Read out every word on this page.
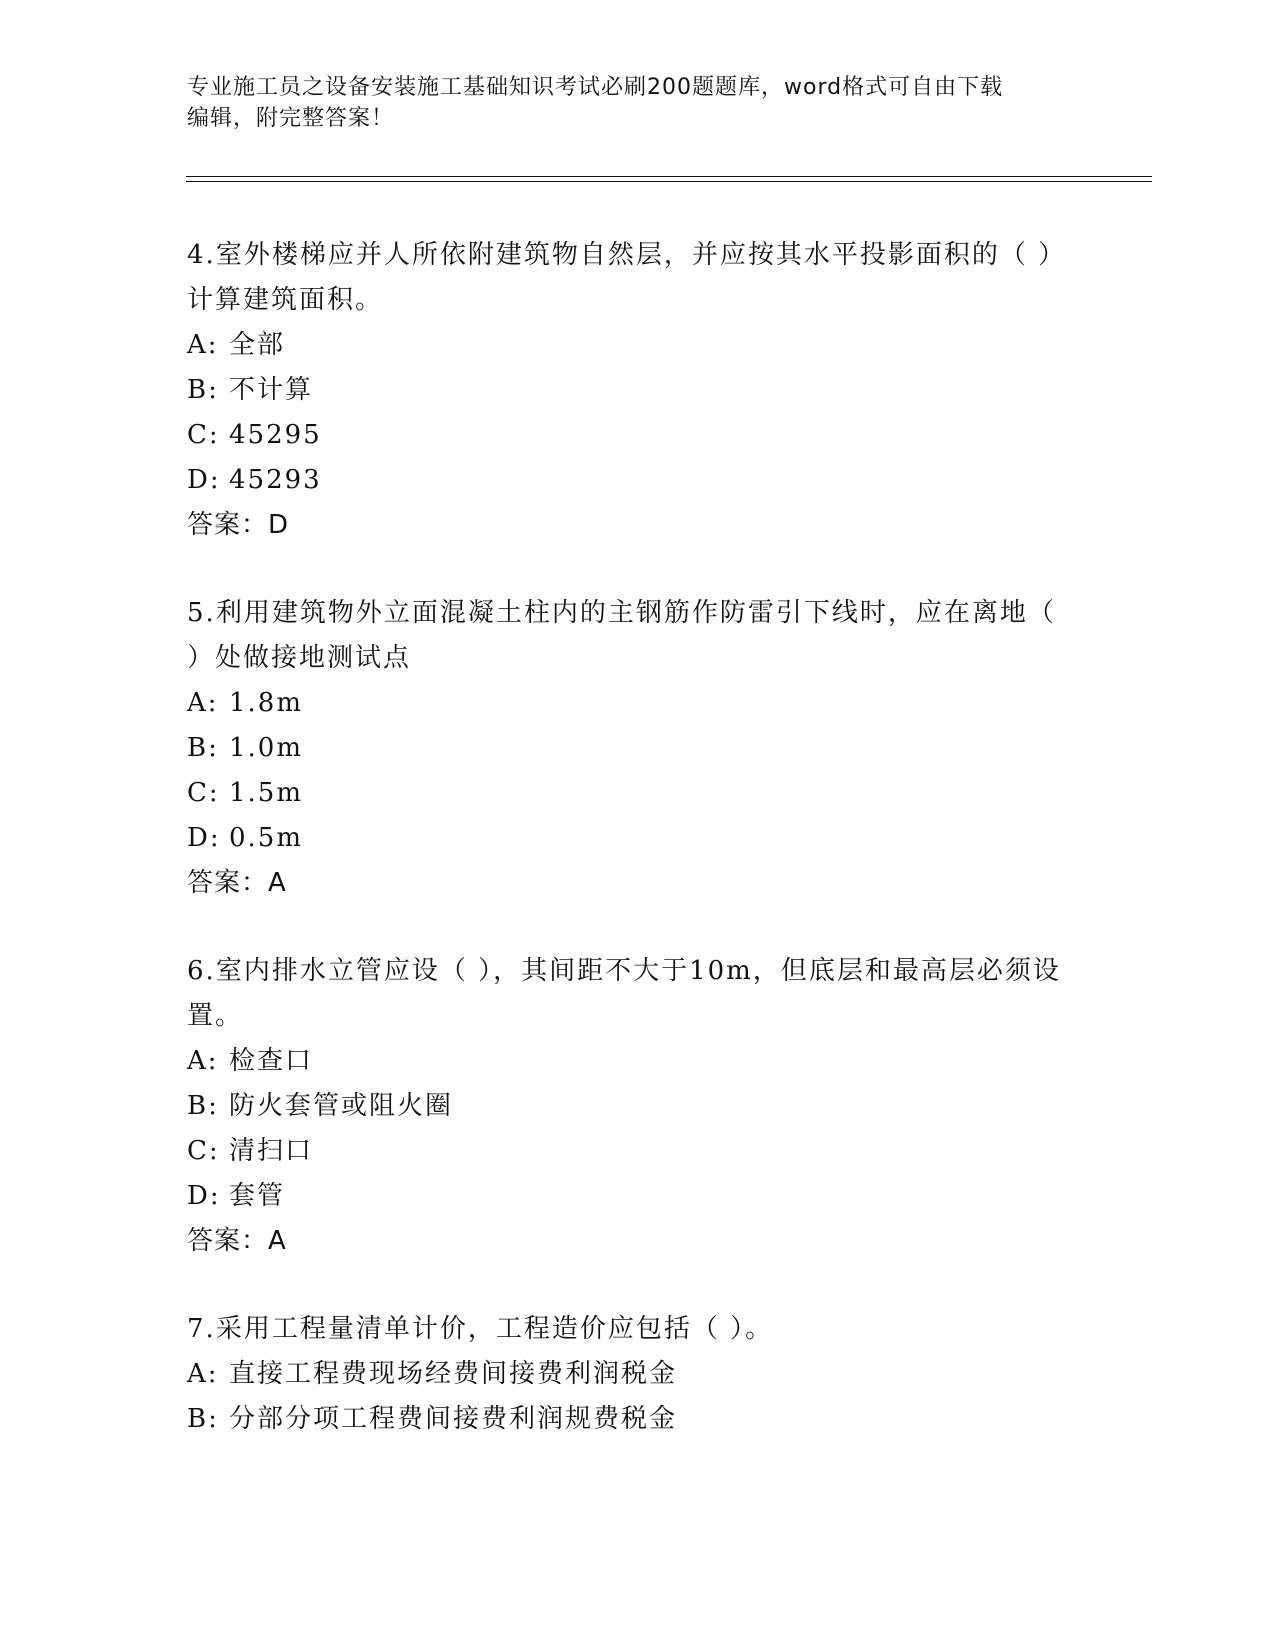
专业施工员之设备安装施工基础知识考试必刷200题题库，word格式可自由下载
编辑，附完整答案！

4.室外楼梯应并人所依附建筑物自然层，并应按其水平投影面积的（ ）计算建筑面积。

A: 全部

B: 不计算

C: 45295

D: 45293

答案：D

5.利用建筑物外立面混凝土柱内的主钢筋作防雷引下线时，应在离地（ ）处做接地测试点

A: 1.8m

B: 1.0m

C: 1.5m

D: 0.5m

答案：A

6.室内排水立管应设（ ），其间距不大于10m，但底层和最高层必须设置。

A: 检查口

B: 防火套管或阻火圈

C: 清扫口

D: 套管

答案：A

7.采用工程量清单计价，工程造价应包括（ ）。

A: 直接工程费现场经费间接费利润税金

B: 分部分项工程费间接费利润规费税金
